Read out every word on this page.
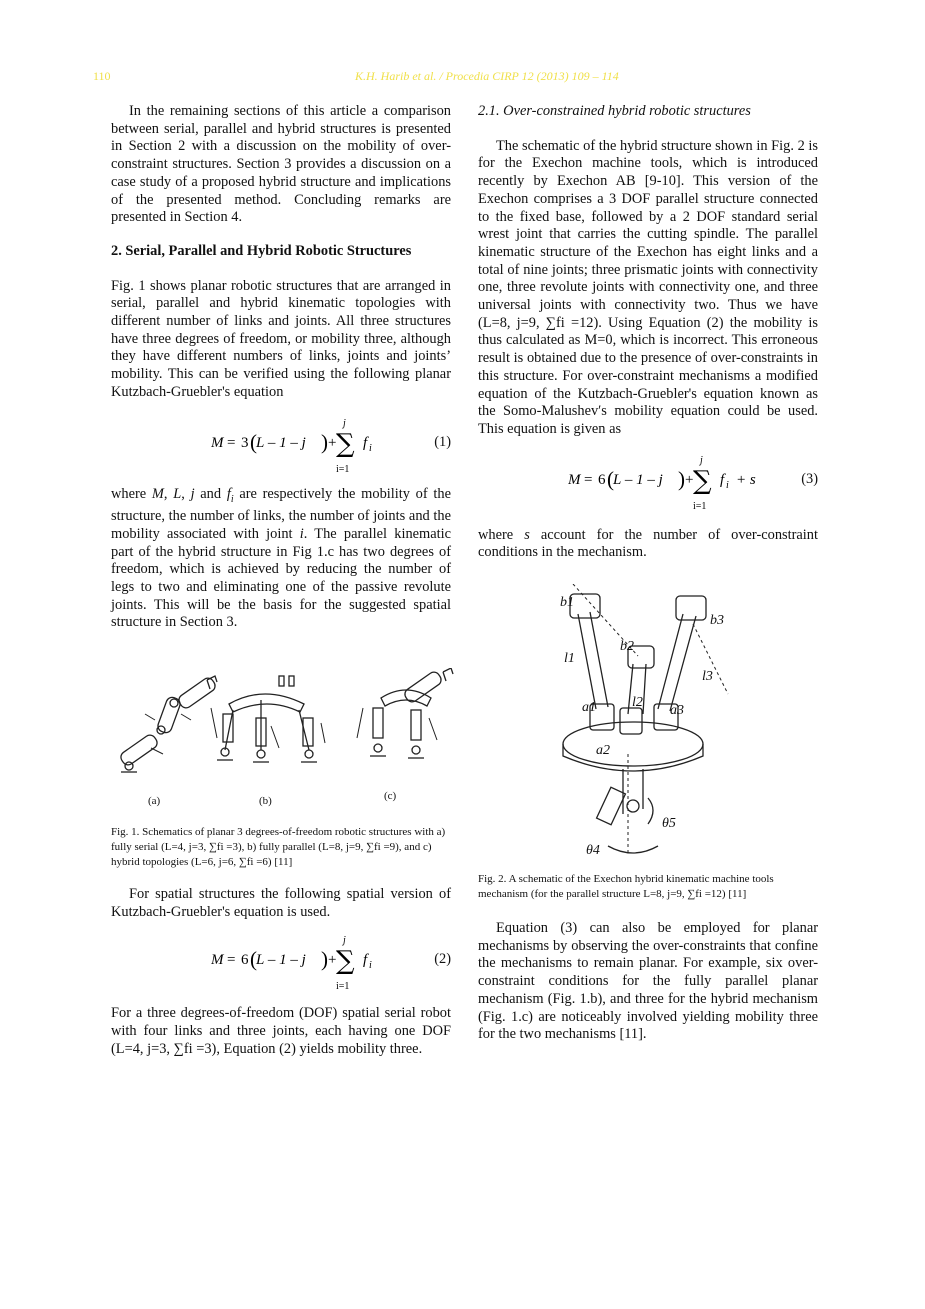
110	K.H. Harib et al. / Procedia CIRP 12 (2013) 109 – 114

In the remaining sections of this article a comparison between serial, parallel and hybrid structures is presented in Section 2 with a discussion on the mobility of over-constraint structures. Section 3 provides a discussion on a case study of a proposed hybrid structure and implications of the presented method. Concluding remarks are presented in Section 4.

2. Serial, Parallel and Hybrid Robotic Structures

Fig. 1 shows planar robotic structures that are arranged in serial, parallel and hybrid kinematic topologies with different number of links and joints. All three structures have three degrees of freedom, or mobility three, although they have different numbers of links, joints and joints’ mobility. This can be verified using the following planar Kutzbach-Gruebler's equation

M = 3 ( L – 1 – j ) +
j
∑
i=1
f i	(1)

where M, L, j and $f_i$ are respectively the mobility of the structure, the number of links, the number of joints and the mobility associated with joint i. The parallel kinematic part of the hybrid structure in Fig 1.c has two degrees of freedom, which is achieved by reducing the number of legs to two and eliminating one of the passive revolute joints. This will be the basis for the suggested spatial structure in Section 3.

(a)	(b)	(c)

Fig. 1. Schematics of planar 3 degrees-of-freedom robotic structures with a) fully serial (L=4, j=3, ∑fi =3), b) fully parallel (L=8, j=9, ∑fi =9), and c) hybrid topologies (L=6, j=6, ∑fi =6) [11]

For spatial structures the following spatial version of Kutzbach-Gruebler's equation is used.

M = 6 ( L – 1 – j ) +
j
∑
i=1
f i	(2)

For a three degrees-of-freedom (DOF) spatial serial robot with four links and three joints, each having one DOF (L=4, j=3, ∑fi =3), Equation (2) yields mobility three.

2.1. Over-constrained hybrid robotic structures

The schematic of the hybrid structure shown in Fig. 2 is for the Exechon machine tools, which is introduced recently by Exechon AB [9-10]. This version of the Exechon comprises a 3 DOF parallel structure connected to the fixed base, followed by a 2 DOF standard serial wrest joint that carries the cutting spindle. The parallel kinematic structure of the Exechon has eight links and a total of nine joints; three prismatic joints with connectivity one, three revolute joints with connectivity one, and three universal joints with connectivity two. Thus we have (L=8, j=9, ∑fi =12). Using Equation (2) the mobility is thus calculated as M=0, which is incorrect. This erroneous result is obtained due to the presence of over-constraints in this structure. For over-constraint mechanisms a modified equation of the Kutzbach-Gruebler's equation known as the Somo-Malushev′s mobility equation could be used. This equation is given as

M = 6 ( L – 1 – j ) +
j
∑
i=1
f i + s	(3)

where s account for the number of over-constraint conditions in the mechanism.

b1
b2
b3
l1
l2
l3
a1
a2
a3
θ4
θ5

Fig. 2. A schematic of the Exechon hybrid kinematic machine tools mechanism (for the parallel structure L=8, j=9, ∑fi =12) [11]

Equation (3) can also be employed for planar mechanisms by observing the over-constraints that confine the mechanisms to remain planar. For example, six over-constraint conditions for the fully parallel planar mechanism (Fig. 1.b), and three for the hybrid mechanism (Fig. 1.c) are noticeably involved yielding mobility three for the two mechanisms [11].
